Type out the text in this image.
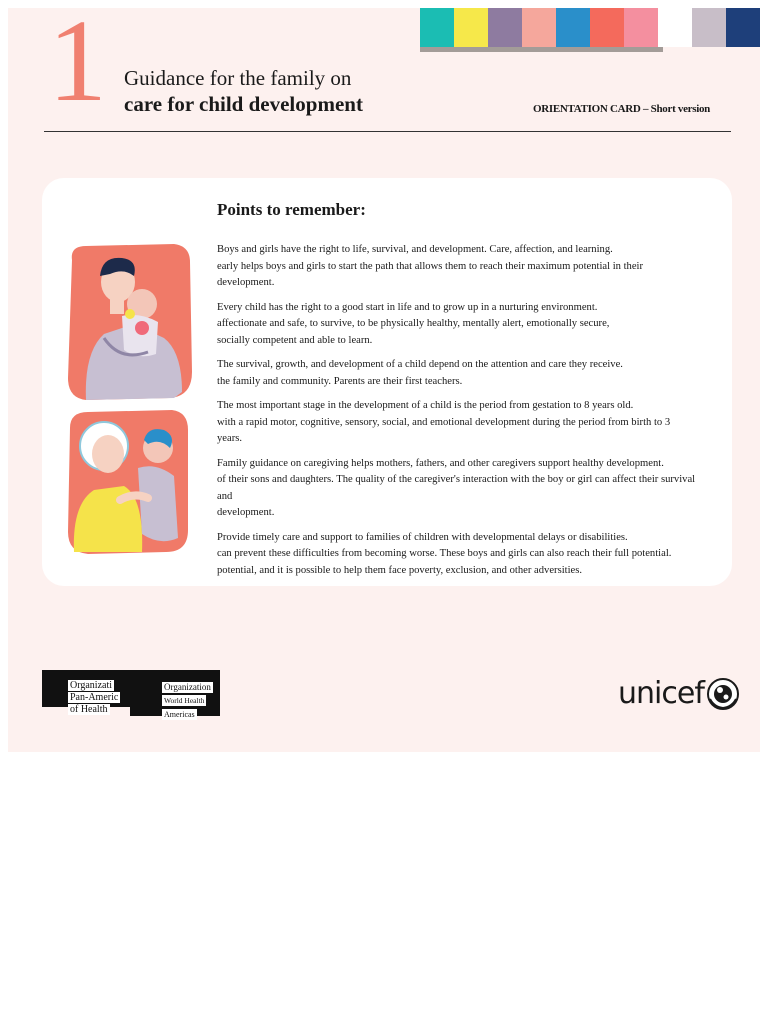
1 Guidance for the family on
care for child development	ORIENTATION CARD – Short version
Points to remember:

Boys and girls have the right to life, survival, and development. Care, affection, and learning.
early helps boys and girls to start the path that allows them to reach their maximum potential in their
development.

Every child has the right to a good start in life and to grow up in a nurturing environment.
affectionate and safe, to survive, to be physically healthy, mentally alert, emotionally secure,
socially competent and able to learn.

The survival, growth, and development of a child depend on the attention and care they receive.
the family and community. Parents are their first teachers.

The most important stage in the development of a child is the period from gestation to 8 years old.
with a rapid motor, cognitive, sensory, social, and emotional development during the period from birth to 3
years.

Family guidance on caregiving helps mothers, fathers, and other caregivers support healthy development.
of their sons and daughters. The quality of the caregiver's interaction with the boy or girl can affect their survival and
development.

Provide timely care and support to families of children with developmental delays or disabilities.
can prevent these difficulties from becoming worse. These boys and girls can also reach their full potential.
potential, and it is possible to help them face poverty, exclusion, and other adversities.

Organizati
Pan-Americ
of Health
Organization
World Health
Americas
unicef
